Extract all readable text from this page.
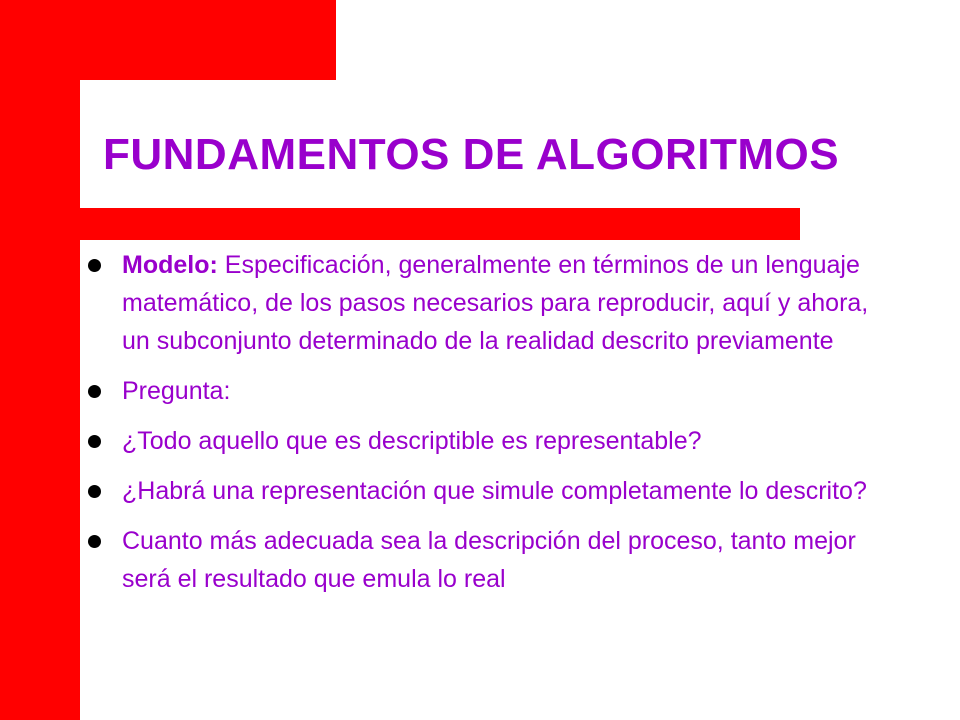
FUNDAMENTOS DE ALGORITMOS
Modelo: Especificación, generalmente en términos de un lenguaje matemático, de los pasos necesarios para reproducir, aquí y ahora, un subconjunto determinado de la realidad descrito previamente
Pregunta:
¿Todo aquello que es descriptible es representable?
¿Habrá una representación que simule completamente lo descrito?
Cuanto más adecuada sea la descripción del proceso, tanto mejor será el resultado que emula lo real
